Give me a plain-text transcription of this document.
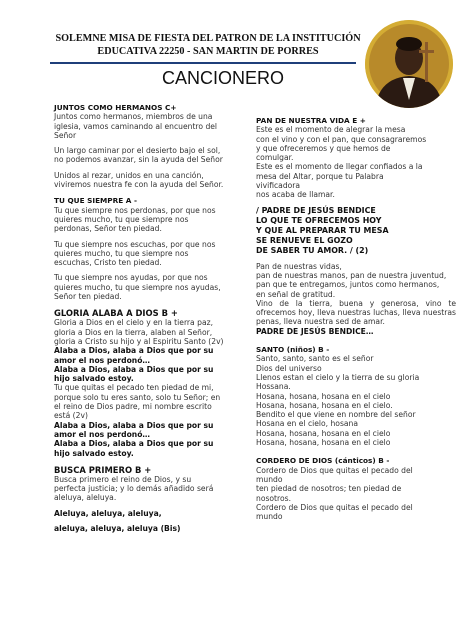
SOLEMNE MISA DE FIESTA DEL PATRON DE LA INSTITUCIÓN
EDUCATIVA 22250 - SAN MARTIN DE PORRES
CANCIONERO
JUNTOS COMO HERMANOS C+
Juntos como hermanos, miembros de una
iglesia, vamos caminando al encuentro del
Señor
Un largo caminar por el desierto bajo el sol,
no podemos avanzar, sin la ayuda del Señor
Unidos al rezar, unidos en una canción,
viviremos nuestra fe con la ayuda del Señor.
TU QUE SIEMPRE A -
Tu que siempre nos perdonas, por que nos
quieres mucho, tu que siempre nos
perdonas, Señor ten piedad.
Tu que siempre nos escuchas, por que nos
quieres mucho, tu que siempre nos
escuchas, Cristo ten piedad.
Tu que siempre nos ayudas, por que nos
quieres mucho, tu que siempre nos ayudas,
Señor ten piedad.
GLORIA ALABA A DIOS B +
Gloria a Dios en el cielo y en la tierra paz,
gloria a Dios en la tierra, alaben al Señor,
gloria a Cristo su hijo y al Espiritu Santo (2v)
Alaba a Dios, alaba a Dios que por su
amor el nos perdonó…
Alaba a Dios, alaba a Dios que por su
hijo salvado estoy.
Tu que quitas el pecado ten piedad de mi,
porque solo tu eres santo, solo tu Señor; en
el reino de Dios padre, mi nombre escrito
está (2v)
Alaba a Dios, alaba a Dios que por su
amor el nos perdonó…
Alaba a Dios, alaba a Dios que por su
hijo salvado estoy.
BUSCA PRIMERO B +
Busca primero el reino de Dios, y su
perfecta justicia; y lo demás añadido será
aleluya, aleluya.
Aleluya, aleluya, aleluya,
aleluya, aleluya, aleluya (Bis)
PAN DE NUESTRA VIDA E +
Este es el momento de alegrar la mesa
con el vino y con el pan, que consagraremos
y que ofreceremos y que hemos de
comulgar.
Este es el momento de llegar confiados a la
mesa del Altar, porque tu Palabra
vivificadora
nos acaba de llamar.
/ PADRE DE JESÚS BENDICE
LO QUE TE OFRECEMOS HOY
Y QUE AL PREPARAR TU MESA
SE RENUEVE EL GOZO
DE SABER TU AMOR. / (2)
Pan de nuestras vidas,
pan de nuestras manos, pan de nuestra juventud,
pan que te entregamos, juntos como hermanos,
en señal de gratitud.
Vino de la tierra, buena y generosa, vino te ofrecemos hoy, lleva nuestras luchas, lleva nuestras penas, lleva nuestra sed de amar.
PADRE DE JESÚS BENDICE…
SANTO (niños) B -
Santo, santo, santo es el señor
Dios del universo
Llenos estan el cielo y la tierra de su gloria
Hossana.
Hosana, hosana, hosana en el cielo
Hosana, hosana, hosana en el cielo.
Bendito el que viene en nombre del señor
Hosana en el cielo, hosana
Hosana, hosana, hosana en el cielo
Hosana, hosana, hosana en el cielo
CORDERO DE DIOS (cánticos) B -
Cordero de Dios que quitas el pecado del
mundo
ten piedad de nosotros; ten piedad de
nosotros.
Cordero de Dios que quitas el pecado del
mundo
